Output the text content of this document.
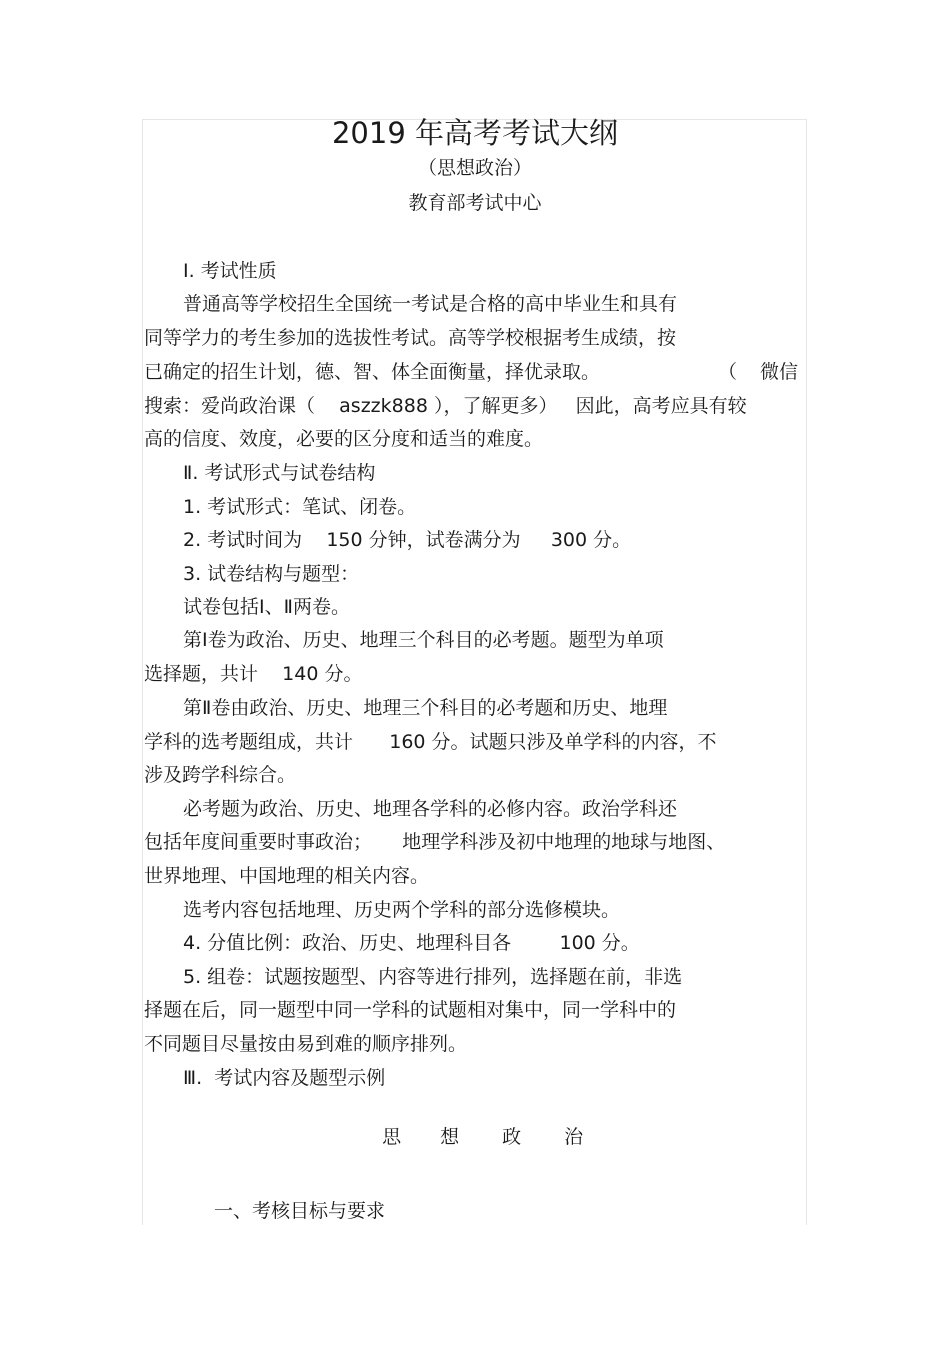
2019 年高考考试大纲
（思想政治）
教育部考试中心
Ⅰ. 考试性质
普通高等学校招生全国统一考试是合格的高中毕业生和具有
同等学力的考生参加的选拔性考试。高等学校根据考生成绩，按
已确定的招生计划，德、智、体全面衡量，择优录取。	（ 微信
搜索：爱尚政治课（    aszzk888 ），了解更多）   因此，高考应具有较
高的信度、效度，必要的区分度和适当的难度。
Ⅱ. 考试形式与试卷结构
1. 考试形式：笔试、闭卷。
2. 考试时间为    150 分钟，试卷满分为     300 分。
3. 试卷结构与题型：
试卷包括Ⅰ、Ⅱ两卷。
第Ⅰ卷为政治、历史、地理三个科目的必考题。题型为单项
选择题，共计    140 分。
第Ⅱ卷由政治、历史、地理三个科目的必考题和历史、地理
学科的选考题组成，共计      160 分。试题只涉及单学科的内容，不
涉及跨学科综合。
必考题为政治、历史、地理各学科的必修内容。政治学科还
包括年度间重要时事政治；     地理学科涉及初中地理的地球与地图、
世界地理、中国地理的相关内容。
选考内容包括地理、历史两个学科的部分选修模块。
4. 分值比例：政治、历史、地理科目各        100 分。
5. 组卷：试题按题型、内容等进行排列，选择题在前，非选
择题在后，同一题型中同一学科的试题相对集中，同一学科中的
不同题目尽量按由易到难的顺序排列。
Ⅲ.  考试内容及题型示例

思 想 政 治

一、考核目标与要求
